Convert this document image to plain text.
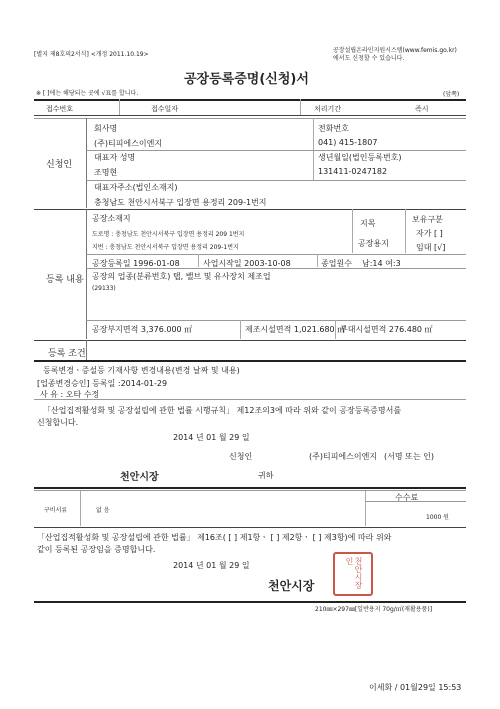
[별지 제8호의2서식] <개정 2011.10.19>
공장설립온라인지원시스템(www.femis.go.kr)
에서도 신청할 수 있습니다.
공장등록증명(신청)서
※ [ ]에는 해당되는 곳에 √표를 합니다.	(앞쪽)
접수번호	접수일자	처리기간	즉시
신청인
회사명
(주)티피에스이엔지
전화번호
041) 415-1807
대표자 성명
조명현
생년월일(법인등록번호)
131411-0247182
대표자주소(법인소재지)
충청남도 천안시서북구 입장면 용정리 209-1번지
등록 내용
공장소재지
도로명 : 충청남도 천안시서북구 입장면 용정리 209 1번지
지번 : 충청남도 천안시서북구 입장면 용정리 209-1번지
지목
공장용지
보유구분
자가 [ ]
임대 [√]
공장등록일 1996-01-08	사업시작일 2003-10-08	종업원수 남:14 여:3
공장의 업종(분류번호) 탭, 밸브 및 유사장치 제조업
(29133)
공장부지면적 3,376.000 ㎡	제조시설면적 1,021.680 ㎡
부대시설면적 276.480 ㎡
등록 조건
등록변경ㆍ증설등 기재사항 변경내용(변경 날짜 및 내용)
[업종변경승인] 등록일 :2014-01-29
사 유 : 오타 수정
「산업집적활성화 및 공장설립에 관한 법률 시행규칙」 제12조의3에 따라 위와 같이 공장등록증명서를
신청합니다.
2014 년 01 월 29 일
신청인	(주)티피에스이엔지 (서명 또는 인)
천안시장	귀하
수수료
구비서류	없 음
1000 원
「산업집적활성화 및 공장설립에 관한 법률」 제16조( [ ] 제1항ㆍ [ ] 제2항ㆍ [ ] 제3항)에 따라 위와
같이 등록된 공장임을 증명합니다.
2014 년 01 월 29 일
천안시장	천안시장인
210㎜×297㎜[일반용지 70g/㎡(재활용품)]
이세화 / 01월29일 15:53
